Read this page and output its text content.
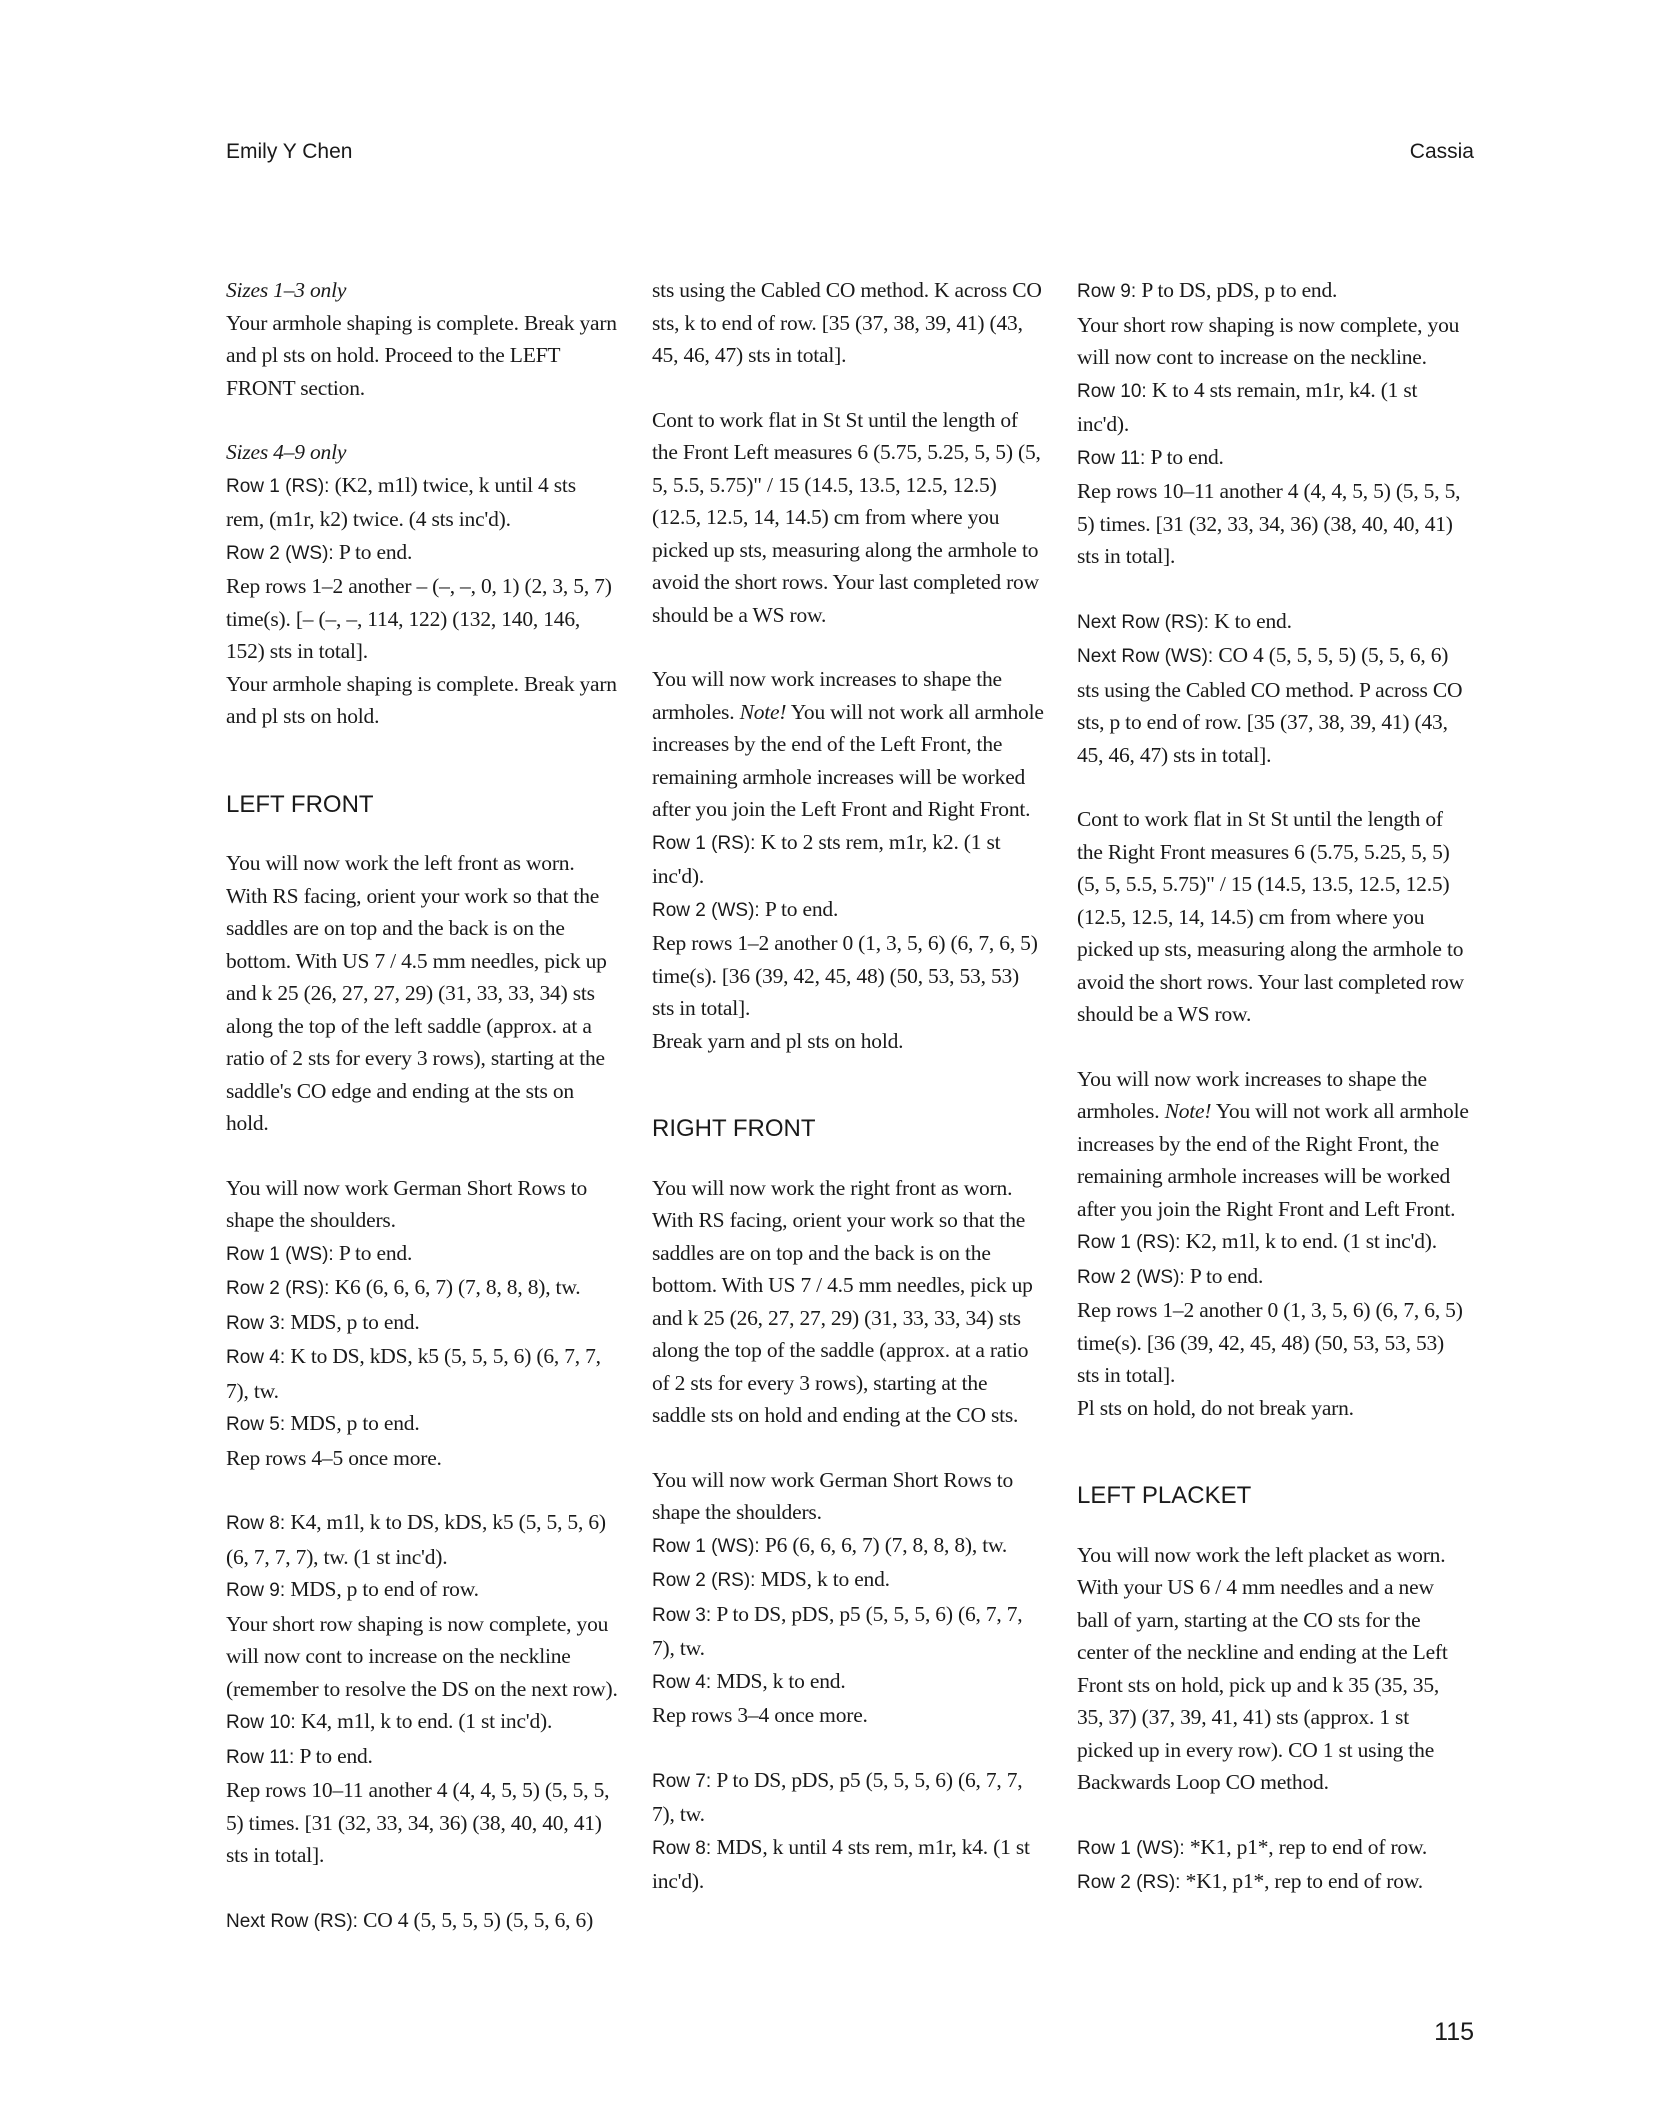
Emily Y Chen	Cassia

Sizes 1–3 only
Your armhole shaping is complete. Break yarn and pl sts on hold. Proceed to the LEFT FRONT section.

Sizes 4–9 only
Row 1 (RS): (K2, m1l) twice, k until 4 sts rem, (m1r, k2) twice. (4 sts inc'd).
Row 2 (WS): P to end.
Rep rows 1–2 another – (–, –, 0, 1) (2, 3, 5, 7) time(s). [– (–, –, 114, 122) (132, 140, 146, 152) sts in total].
Your armhole shaping is complete. Break yarn and pl sts on hold.

LEFT FRONT

You will now work the left front as worn. With RS facing, orient your work so that the saddles are on top and the back is on the bottom. With US 7 / 4.5 mm needles, pick up and k 25 (26, 27, 27, 29) (31, 33, 33, 34) sts along the top of the left saddle (approx. at a ratio of 2 sts for every 3 rows), starting at the saddle's CO edge and ending at the sts on hold.

You will now work German Short Rows to shape the shoulders.
Row 1 (WS): P to end.
Row 2 (RS): K6 (6, 6, 6, 7) (7, 8, 8, 8), tw.
Row 3: MDS, p to end.
Row 4: K to DS, kDS, k5 (5, 5, 5, 6) (6, 7, 7, 7), tw.
Row 5: MDS, p to end.
Rep rows 4–5 once more.

Row 8: K4, m1l, k to DS, kDS, k5 (5, 5, 5, 6) (6, 7, 7, 7), tw. (1 st inc'd).
Row 9: MDS, p to end of row.
Your short row shaping is now complete, you will now cont to increase on the neckline (remember to resolve the DS on the next row).
Row 10: K4, m1l, k to end. (1 st inc'd).
Row 11: P to end.
Rep rows 10–11 another 4 (4, 4, 5, 5) (5, 5, 5, 5) times. [31 (32, 33, 34, 36) (38, 40, 40, 41) sts in total].

Next Row (RS): CO 4 (5, 5, 5, 5) (5, 5, 6, 6)

sts using the Cabled CO method. K across CO sts, k to end of row. [35 (37, 38, 39, 41) (43, 45, 46, 47) sts in total].

Cont to work flat in St St until the length of the Front Left measures 6 (5.75, 5.25, 5, 5) (5, 5, 5.5, 5.75)" / 15 (14.5, 13.5, 12.5, 12.5) (12.5, 12.5, 14, 14.5) cm from where you picked up sts, measuring along the armhole to avoid the short rows. Your last completed row should be a WS row.

You will now work increases to shape the armholes. Note! You will not work all armhole increases by the end of the Left Front, the remaining armhole increases will be worked after you join the Left Front and Right Front.
Row 1 (RS): K to 2 sts rem, m1r, k2. (1 st inc'd).
Row 2 (WS): P to end.
Rep rows 1–2 another 0 (1, 3, 5, 6) (6, 7, 6, 5) time(s). [36 (39, 42, 45, 48) (50, 53, 53, 53) sts in total].
Break yarn and pl sts on hold.

RIGHT FRONT

You will now work the right front as worn. With RS facing, orient your work so that the saddles are on top and the back is on the bottom. With US 7 / 4.5 mm needles, pick up and k 25 (26, 27, 27, 29) (31, 33, 33, 34) sts along the top of the saddle (approx. at a ratio of 2 sts for every 3 rows), starting at the saddle sts on hold and ending at the CO sts.

You will now work German Short Rows to shape the shoulders.
Row 1 (WS): P6 (6, 6, 6, 7) (7, 8, 8, 8), tw.
Row 2 (RS): MDS, k to end.
Row 3: P to DS, pDS, p5 (5, 5, 5, 6) (6, 7, 7, 7), tw.
Row 4: MDS, k to end.
Rep rows 3–4 once more.

Row 7: P to DS, pDS, p5 (5, 5, 5, 6) (6, 7, 7, 7), tw.
Row 8: MDS, k until 4 sts rem, m1r, k4. (1 st inc'd).

Row 9: P to DS, pDS, p to end.
Your short row shaping is now complete, you will now cont to increase on the neckline.
Row 10: K to 4 sts remain, m1r, k4. (1 st inc'd).
Row 11: P to end.
Rep rows 10–11 another 4 (4, 4, 5, 5) (5, 5, 5, 5) times. [31 (32, 33, 34, 36) (38, 40, 40, 41) sts in total].

Next Row (RS): K to end.
Next Row (WS): CO 4 (5, 5, 5, 5) (5, 5, 6, 6) sts using the Cabled CO method. P across CO sts, p to end of row. [35 (37, 38, 39, 41) (43, 45, 46, 47) sts in total].

Cont to work flat in St St until the length of the Right Front measures 6 (5.75, 5.25, 5, 5) (5, 5, 5.5, 5.75)" / 15 (14.5, 13.5, 12.5, 12.5) (12.5, 12.5, 14, 14.5) cm from where you picked up sts, measuring along the armhole to avoid the short rows. Your last completed row should be a WS row.

You will now work increases to shape the armholes. Note! You will not work all armhole increases by the end of the Right Front, the remaining armhole increases will be worked after you join the Right Front and Left Front.
Row 1 (RS): K2, m1l, k to end. (1 st inc'd).
Row 2 (WS): P to end.
Rep rows 1–2 another 0 (1, 3, 5, 6) (6, 7, 6, 5) time(s). [36 (39, 42, 45, 48) (50, 53, 53, 53) sts in total].
Pl sts on hold, do not break yarn.

LEFT PLACKET

You will now work the left placket as worn. With your US 6 / 4 mm needles and a new ball of yarn, starting at the CO sts for the center of the neckline and ending at the Left Front sts on hold, pick up and k 35 (35, 35, 35, 37) (37, 39, 41, 41) sts (approx. 1 st picked up in every row). CO 1 st using the Backwards Loop CO method.

Row 1 (WS): *K1, p1*, rep to end of row.
Row 2 (RS): *K1, p1*, rep to end of row.

115
